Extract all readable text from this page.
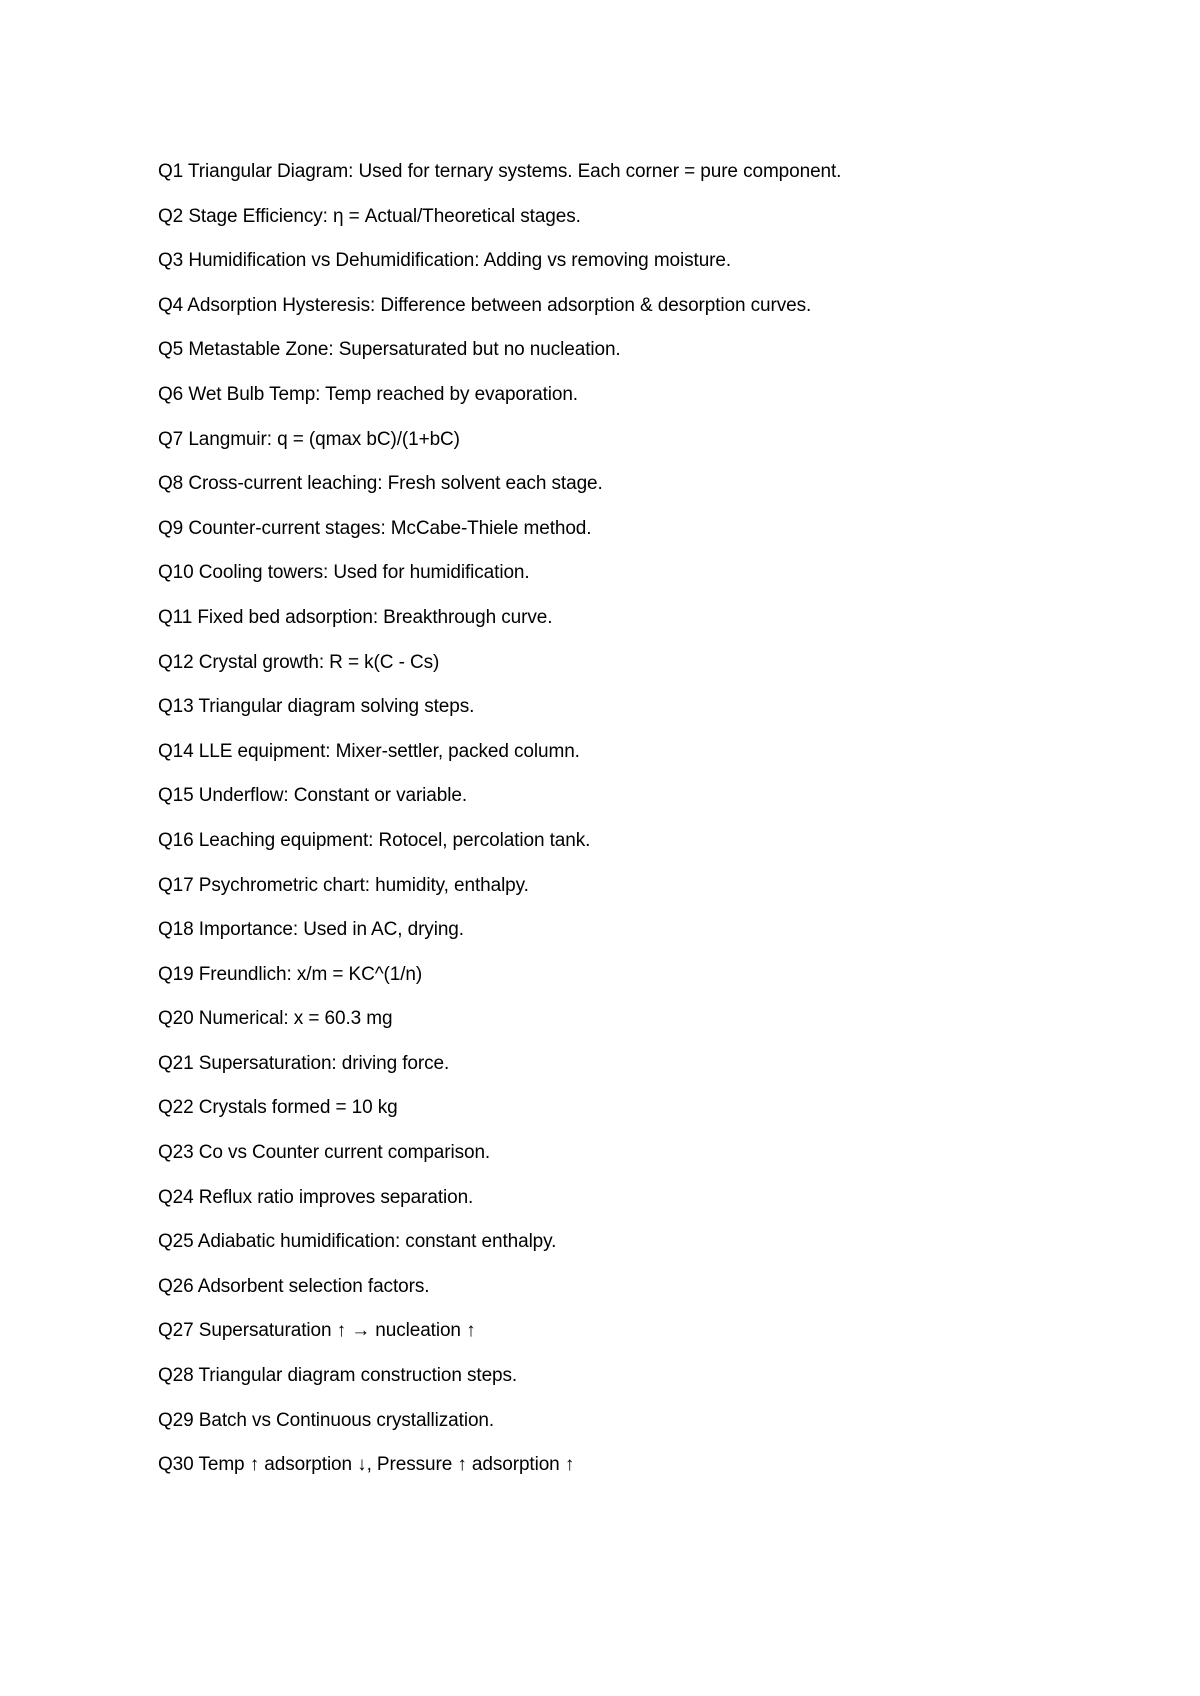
Q1 Triangular Diagram: Used for ternary systems. Each corner = pure component.
Q2 Stage Efficiency: η = Actual/Theoretical stages.
Q3 Humidification vs Dehumidification: Adding vs removing moisture.
Q4 Adsorption Hysteresis: Difference between adsorption & desorption curves.
Q5 Metastable Zone: Supersaturated but no nucleation.
Q6 Wet Bulb Temp: Temp reached by evaporation.
Q7 Langmuir: q = (qmax bC)/(1+bC)
Q8 Cross-current leaching: Fresh solvent each stage.
Q9 Counter-current stages: McCabe-Thiele method.
Q10 Cooling towers: Used for humidification.
Q11 Fixed bed adsorption: Breakthrough curve.
Q12 Crystal growth: R = k(C - Cs)
Q13 Triangular diagram solving steps.
Q14 LLE equipment: Mixer-settler, packed column.
Q15 Underflow: Constant or variable.
Q16 Leaching equipment: Rotocel, percolation tank.
Q17 Psychrometric chart: humidity, enthalpy.
Q18 Importance: Used in AC, drying.
Q19 Freundlich: x/m = KC^(1/n)
Q20 Numerical: x = 60.3 mg
Q21 Supersaturation: driving force.
Q22 Crystals formed = 10 kg
Q23 Co vs Counter current comparison.
Q24 Reflux ratio improves separation.
Q25 Adiabatic humidification: constant enthalpy.
Q26 Adsorbent selection factors.
Q27 Supersaturation ↑ → nucleation ↑
Q28 Triangular diagram construction steps.
Q29 Batch vs Continuous crystallization.
Q30 Temp ↑ adsorption ↓, Pressure ↑ adsorption ↑
